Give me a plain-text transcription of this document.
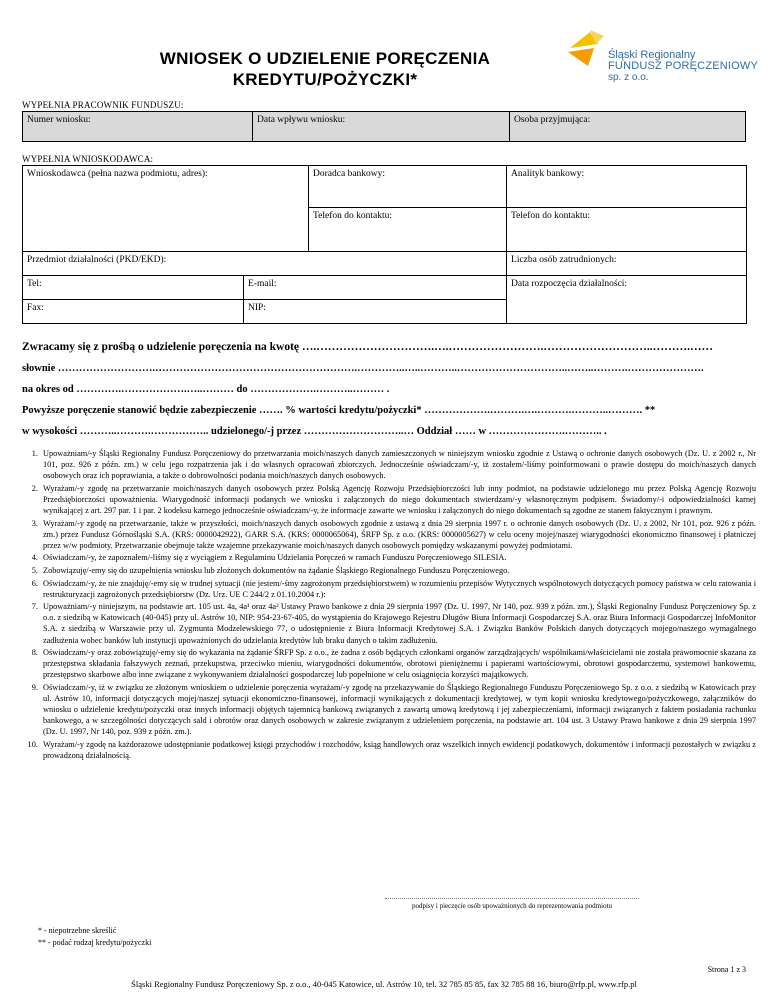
WNIOSEK O UDZIELENIE PORĘCZENIA
KREDYTU/POŻYCZKI*
Śląski Regionalny
FUNDUSZ PORĘCZENIOWY
sp. z o.o.
WYPEŁNIA PRACOWNIK FUNDUSZU:
Numer wniosku:	Data wpływu wniosku:	Osoba przyjmująca:
WYPEŁNIA WNIOSKODAWCA:
Wnioskodawca (pełna nazwa podmiotu, adres):		Doradca bankowy:	Analityk bankowy:
		Telefon do kontaktu:	Telefon do kontaktu:
Przedmiot działalności (PKD/EKD):			Liczba osób zatrudnionych:
Tel:	E-mail:		Data rozpoczęcia działalności:
Fax:	NIP:		
Zwracamy się z prośbą o udzielenie poręczenia na kwotę ….………………………….….…………………….………………………..……….……
słownie ……………………….………………………………………………….…………..…..………..…………………………..……..……….………………….
na okres od ………….……………….…..……… do ……………….………..……… .
Powyższe poręczenie stanowić będzie zabezpieczenie ……. % wartości kredytu/pożyczki* ……………….……….….……….………..………. **
w wysokości ………..……….…………….. udzielonego/-j przez ………………………..… Oddział …… w ………………….……….. .
1. Upoważniam/-y Śląski Regionalny Fundusz Poręczeniowy do przetwarzania moich/naszych danych zamieszczonych w niniejszym wniosku zgodnie z Ustawą o ochronie danych osobowych (Dz. U. z 2002 r., Nr 101, poz. 926 z późn. zm.) w celu jego rozpatrzenia jak i do własnych opracowań zbiorczych. Jednocześnie oświadczam/-y, iż zostałem/-liśmy poinformowani o prawie dostępu do moich/naszych danych osobowych oraz ich poprawiania, a także o dobrowolności podania moich/naszych danych osobowych.
2. Wyrażam/-y zgodę na przetwarzanie moich/naszych danych osobowych przez Polską Agencję Rozwoju Przedsiębiorczości lub inny podmiot, na podstawie udzielonego mu przez Polską Agencję Rozwoju Przedsiębiorczości upoważnienia. Wiarygodność informacji podanych we wniosku i załączonych do niego dokumentach stwierdzam/-y własnoręcznym podpisem. Świadomy/-i odpowiedzialności karnej wynikającej z art. 297 par. 1 i par. 2 kodeksu karnego jednocześnie oświadczam/-y, że informacje zawarte we wniosku i załączonych do niego dokumentach są zgodne ze stanem faktycznym i prawnym.
3. Wyrażam/-y zgodę na przetwarzanie, także w przyszłości, moich/naszych danych osobowych zgodnie z ustawą z dnia 29 sierpnia 1997 r. o ochronie danych osobowych (Dz. U. z 2002, Nr 101, poz. 926 z późn. zm.) przez Fundusz Górnośląski S.A. (KRS: 0000042922), GARR S.A. (KRS: 0000065064), ŚRFP Sp. z o.o. (KRS: 0000005627) w celu oceny mojej/naszej wiarygodności ekonomiczno finansowej i płatniczej przez w/w podmioty. Przetwarzanie obejmuje także wzajemne przekazywanie moich/naszych danych osobowych pomiędzy wskazanymi powyżej podmiotami.
4. Oświadczam/-y, że zapoznałem/-liśmy się z wyciągiem z Regulaminu Udzielania Poręczeń w ramach Funduszu Poręczeniowego SILESIA.
5. Zobowiązuję/-emy się do uzupełnienia wniosku lub złożonych dokumentów na żądanie Śląskiego Regionalnego Funduszu Poręczeniowego.
6. Oświadczam/-y, że nie znajduję/-emy się w trudnej sytuacji (nie jestem/-śmy zagrożonym przedsiębiorstwem) w rozumieniu przepisów Wytycznych wspólnotowych dotyczących pomocy państwa w celu ratowania i restrukturyzacji zagrożonych przedsiębiorstw (Dz. Urz. UE C 244/2 z 01.10.2004 r.):
7. Upoważniam/-y niniejszym, na podstawie art. 105 ust. 4a, 4a¹ oraz 4a² Ustawy Prawo bankowe z dnia 29 sierpnia 1997 (Dz. U. 1997, Nr 140, poz. 939 z późn. zm.), Śląski Regionalny Fundusz Poręczeniowy Sp. z o.o. z siedzibą w Katowicach (40-045) przy ul. Astrów 10, NIP: 954-23-67-405, do wystąpienia do Krajowego Rejestru Długów Biura Informacji Gospodarczej S.A. oraz Biura Informacji Gospodarczej InfoMonitor S.A. z siedzibą w Warszawie przy ul. Zygmunta Modzelewskiego 77, o udostępnienie z Biura Informacji Kredytowej S.A. i Związku Banków Polskich danych dotyczących mojego/naszego wymagalnego zadłużenia wobec banków lub instytucji upoważnionych do udzielania kredytów lub braku danych o takim zadłużeniu.
8. Oświadczam/-y oraz zobowiązuję/-emy się do wykazania na żądanie ŚRFP Sp. z o.o., że żadna z osób będących członkami organów zarządzających/ wspólnikami/właścicielami nie została prawomocnie skazana za przestępstwa składania fałszywych zeznań, przekupstwa, przeciwko mieniu, wiarygodności dokumentów, obrotowi pieniężnemu i papierami wartościowymi, obrotowi gospodarczemu, systemowi bankowemu, przestępstwo skarbowe albo inne związane z wykonywaniem działalności gospodarczej lub popełnione w celu osiągnięcia korzyści majątkowych.
9. Oświadczam/-y, iż w związku ze złożonym wnioskiem o udzielenie poręczenia wyrażam/-y zgodę na przekazywanie do Śląskiego Regionalnego Funduszu Poręczeniowego Sp. z o.o. z siedzibą w Katowicach przy ul. Astrów 10, informacji dotyczących mojej/naszej sytuacji ekonomiczno-finansowej, informacji wynikających z dokumentacji kredytowej, w tym kopii wniosku kredytowego/pożyczkowego, załączników do wniosku o udzielenie kredytu/pożyczki oraz innych informacji objętych tajemnicą bankową związanych z zawartą umową kredytową i jej zabezpieczeniami, informacji związanych z faktem posiadania rachunku bankowego, a w szczególności dotyczących sald i obrotów oraz danych osobowych w zakresie związanym z udzieleniem poręczenia, na podstawie art. 104 ust. 3 Ustawy Prawo bankowe z dnia 29 sierpnia 1997 (Dz. U. 1997, Nr 140, poz. 939 z późn. zm.).
10. Wyrażam/-y zgodę na każdorazowe udostępnianie podatkowej księgi przychodów i rozchodów, ksiąg handlowych oraz wszelkich innych ewidencji podatkowych, dokumentów i informacji pozostałych w związku z prowadzoną działalnością.
podpisy i pieczęcie osób upoważnionych do reprezentowania podmiotu
* - niepotrzebne skreślić
** - podać rodzaj kredytu/pożyczki
Strona 1 z 3
Śląski Regionalny Fundusz Poręczeniowy Sp. z o.o., 40-045 Katowice, ul. Astrów 10, tel. 32 785 85 85, fax 32 785 88 16, biuro@rfp.pl, www.rfp.pl
